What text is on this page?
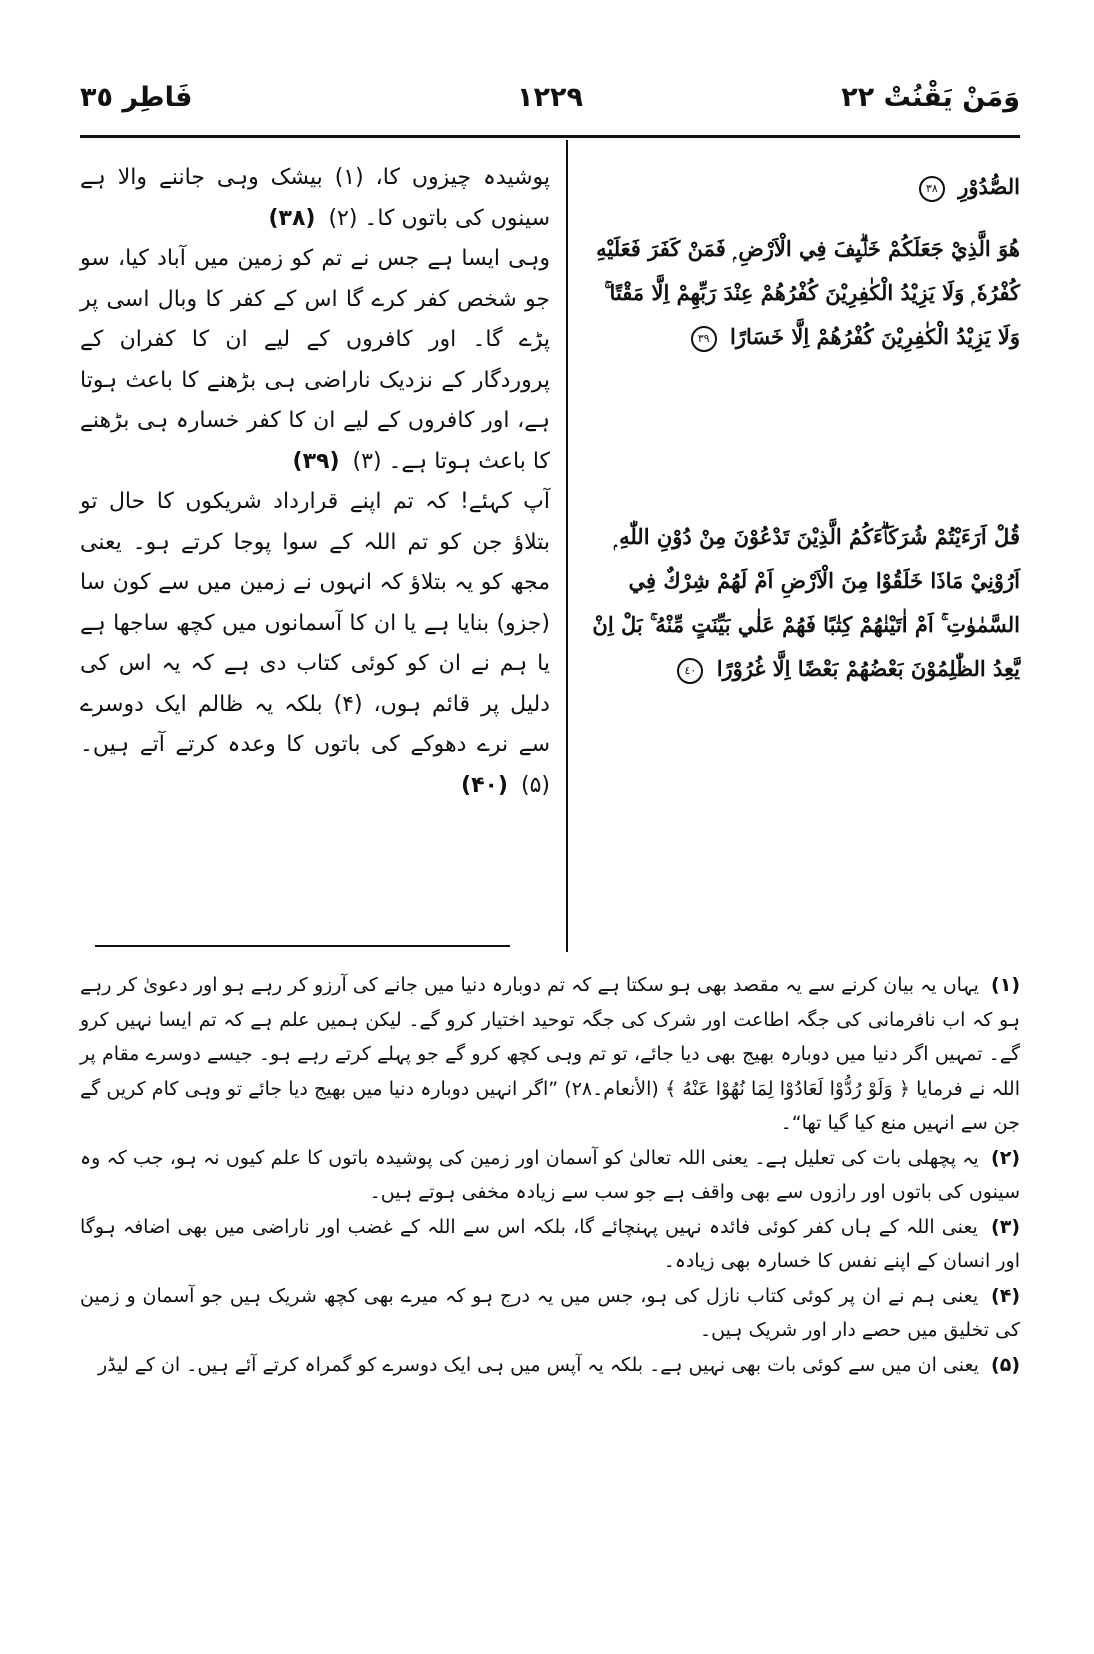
وَمَنْ يَقْنُتْ ٢٢
١٢٢٩
فَاطِر ٣٥
الصُّدُوْرِ ٣٨
هُوَ الَّذِيْ جَعَلَكُمْ خَلٰۗىِٕفَ فِي الْاَرْضِ ۭ فَمَنْ كَفَرَ فَعَلَيْهِ كُفْرُهٗ ۭ وَلَا يَزِيْدُ الْكٰفِرِيْنَ كُفْرُهُمْ عِنْدَ رَبِّهِمْ اِلَّا مَقْتًا ۚ وَلَا يَزِيْدُ الْكٰفِرِيْنَ كُفْرُهُمْ اِلَّا خَسَارًا ٣٩
قُلْ اَرَءَيْتُمْ شُرَكَاۗءَكُمُ الَّذِيْنَ تَدْعُوْنَ مِنْ دُوْنِ اللّٰهِ ۭ اَرُوْنِيْ مَاذَا خَلَقُوْا مِنَ الْاَرْضِ اَمْ لَهُمْ شِرْكٌ فِي السَّمٰوٰتِ ۚ اَمْ اٰتَيْنٰهُمْ كِتٰبًا فَهُمْ عَلٰي بَيِّنَتٍ مِّنْهُ ۚ بَلْ اِنْ يَّعِدُ الظّٰلِمُوْنَ بَعْضُهُمْ بَعْضًا اِلَّا غُرُوْرًا ٤٠

پوشیدہ چیزوں کا، (۱) بیشک وہی جاننے والا ہے سینوں کی باتوں کا۔ (۲) (۳۸)

وہی ایسا ہے جس نے تم کو زمین میں آباد کیا، سو جو شخص کفر کرے گا اس کے کفر کا وبال اسی پر پڑے گا۔ اور کافروں کے لیے ان کا کفران کے پروردگار کے نزدیک ناراضی ہی بڑھنے کا باعث ہوتا ہے، اور کافروں کے لیے ان کا کفر خسارہ ہی بڑھنے کا باعث ہوتا ہے۔ (۳) (۳۹)

آپ کہئے! کہ تم اپنے قرارداد شریکوں کا حال تو بتلاؤ جن کو تم اللہ کے سوا پوجا کرتے ہو۔ یعنی مجھ کو یہ بتلاؤ کہ انہوں نے زمین میں سے کون سا (جزو) بنایا ہے یا ان کا آسمانوں میں کچھ ساجھا ہے یا ہم نے ان کو کوئی کتاب دی ہے کہ یہ اس کی دلیل پر قائم ہوں، (۴) بلکہ یہ ظالم ایک دوسرے سے نرے دھوکے کی باتوں کا وعدہ کرتے آتے ہیں۔ (۵) (۴۰)

(۱) یہاں یہ بیان کرنے سے یہ مقصد بھی ہو سکتا ہے کہ تم دوبارہ دنیا میں جانے کی آرزو کر رہے ہو اور دعویٰ کر رہے ہو کہ اب نافرمانی کی جگہ اطاعت اور شرک کی جگہ توحید اختیار کرو گے۔ لیکن ہمیں علم ہے کہ تم ایسا نہیں کرو گے۔ تمہیں اگر دنیا میں دوبارہ بھیج بھی دیا جائے، تو تم وہی کچھ کرو گے جو پہلے کرتے رہے ہو۔ جیسے دوسرے مقام پر اللہ نے فرمایا ﴿ وَلَوْ رُدُّوْا لَعَادُوْا لِمَا نُهُوْا عَنْهُ ﴾ (الأنعام۔۲۸) ”اگر انہیں دوبارہ دنیا میں بھیج دیا جائے تو وہی کام کریں گے جن سے انہیں منع کیا گیا تھا“۔

(۲) یہ پچھلی بات کی تعلیل ہے۔ یعنی اللہ تعالیٰ کو آسمان اور زمین کی پوشیدہ باتوں کا علم کیوں نہ ہو، جب کہ وہ سینوں کی باتوں اور رازوں سے بھی واقف ہے جو سب سے زیادہ مخفی ہوتے ہیں۔

(۳) یعنی اللہ کے ہاں کفر کوئی فائدہ نہیں پہنچائے گا، بلکہ اس سے اللہ کے غضب اور ناراضی میں بھی اضافہ ہوگا اور انسان کے اپنے نفس کا خسارہ بھی زیادہ۔

(۴) یعنی ہم نے ان پر کوئی کتاب نازل کی ہو، جس میں یہ درج ہو کہ میرے بھی کچھ شریک ہیں جو آسمان و زمین کی تخلیق میں حصے دار اور شریک ہیں۔

(۵) یعنی ان میں سے کوئی بات بھی نہیں ہے۔ بلکہ یہ آپس میں ہی ایک دوسرے کو گمراہ کرتے آئے ہیں۔ ان کے لیڈر
